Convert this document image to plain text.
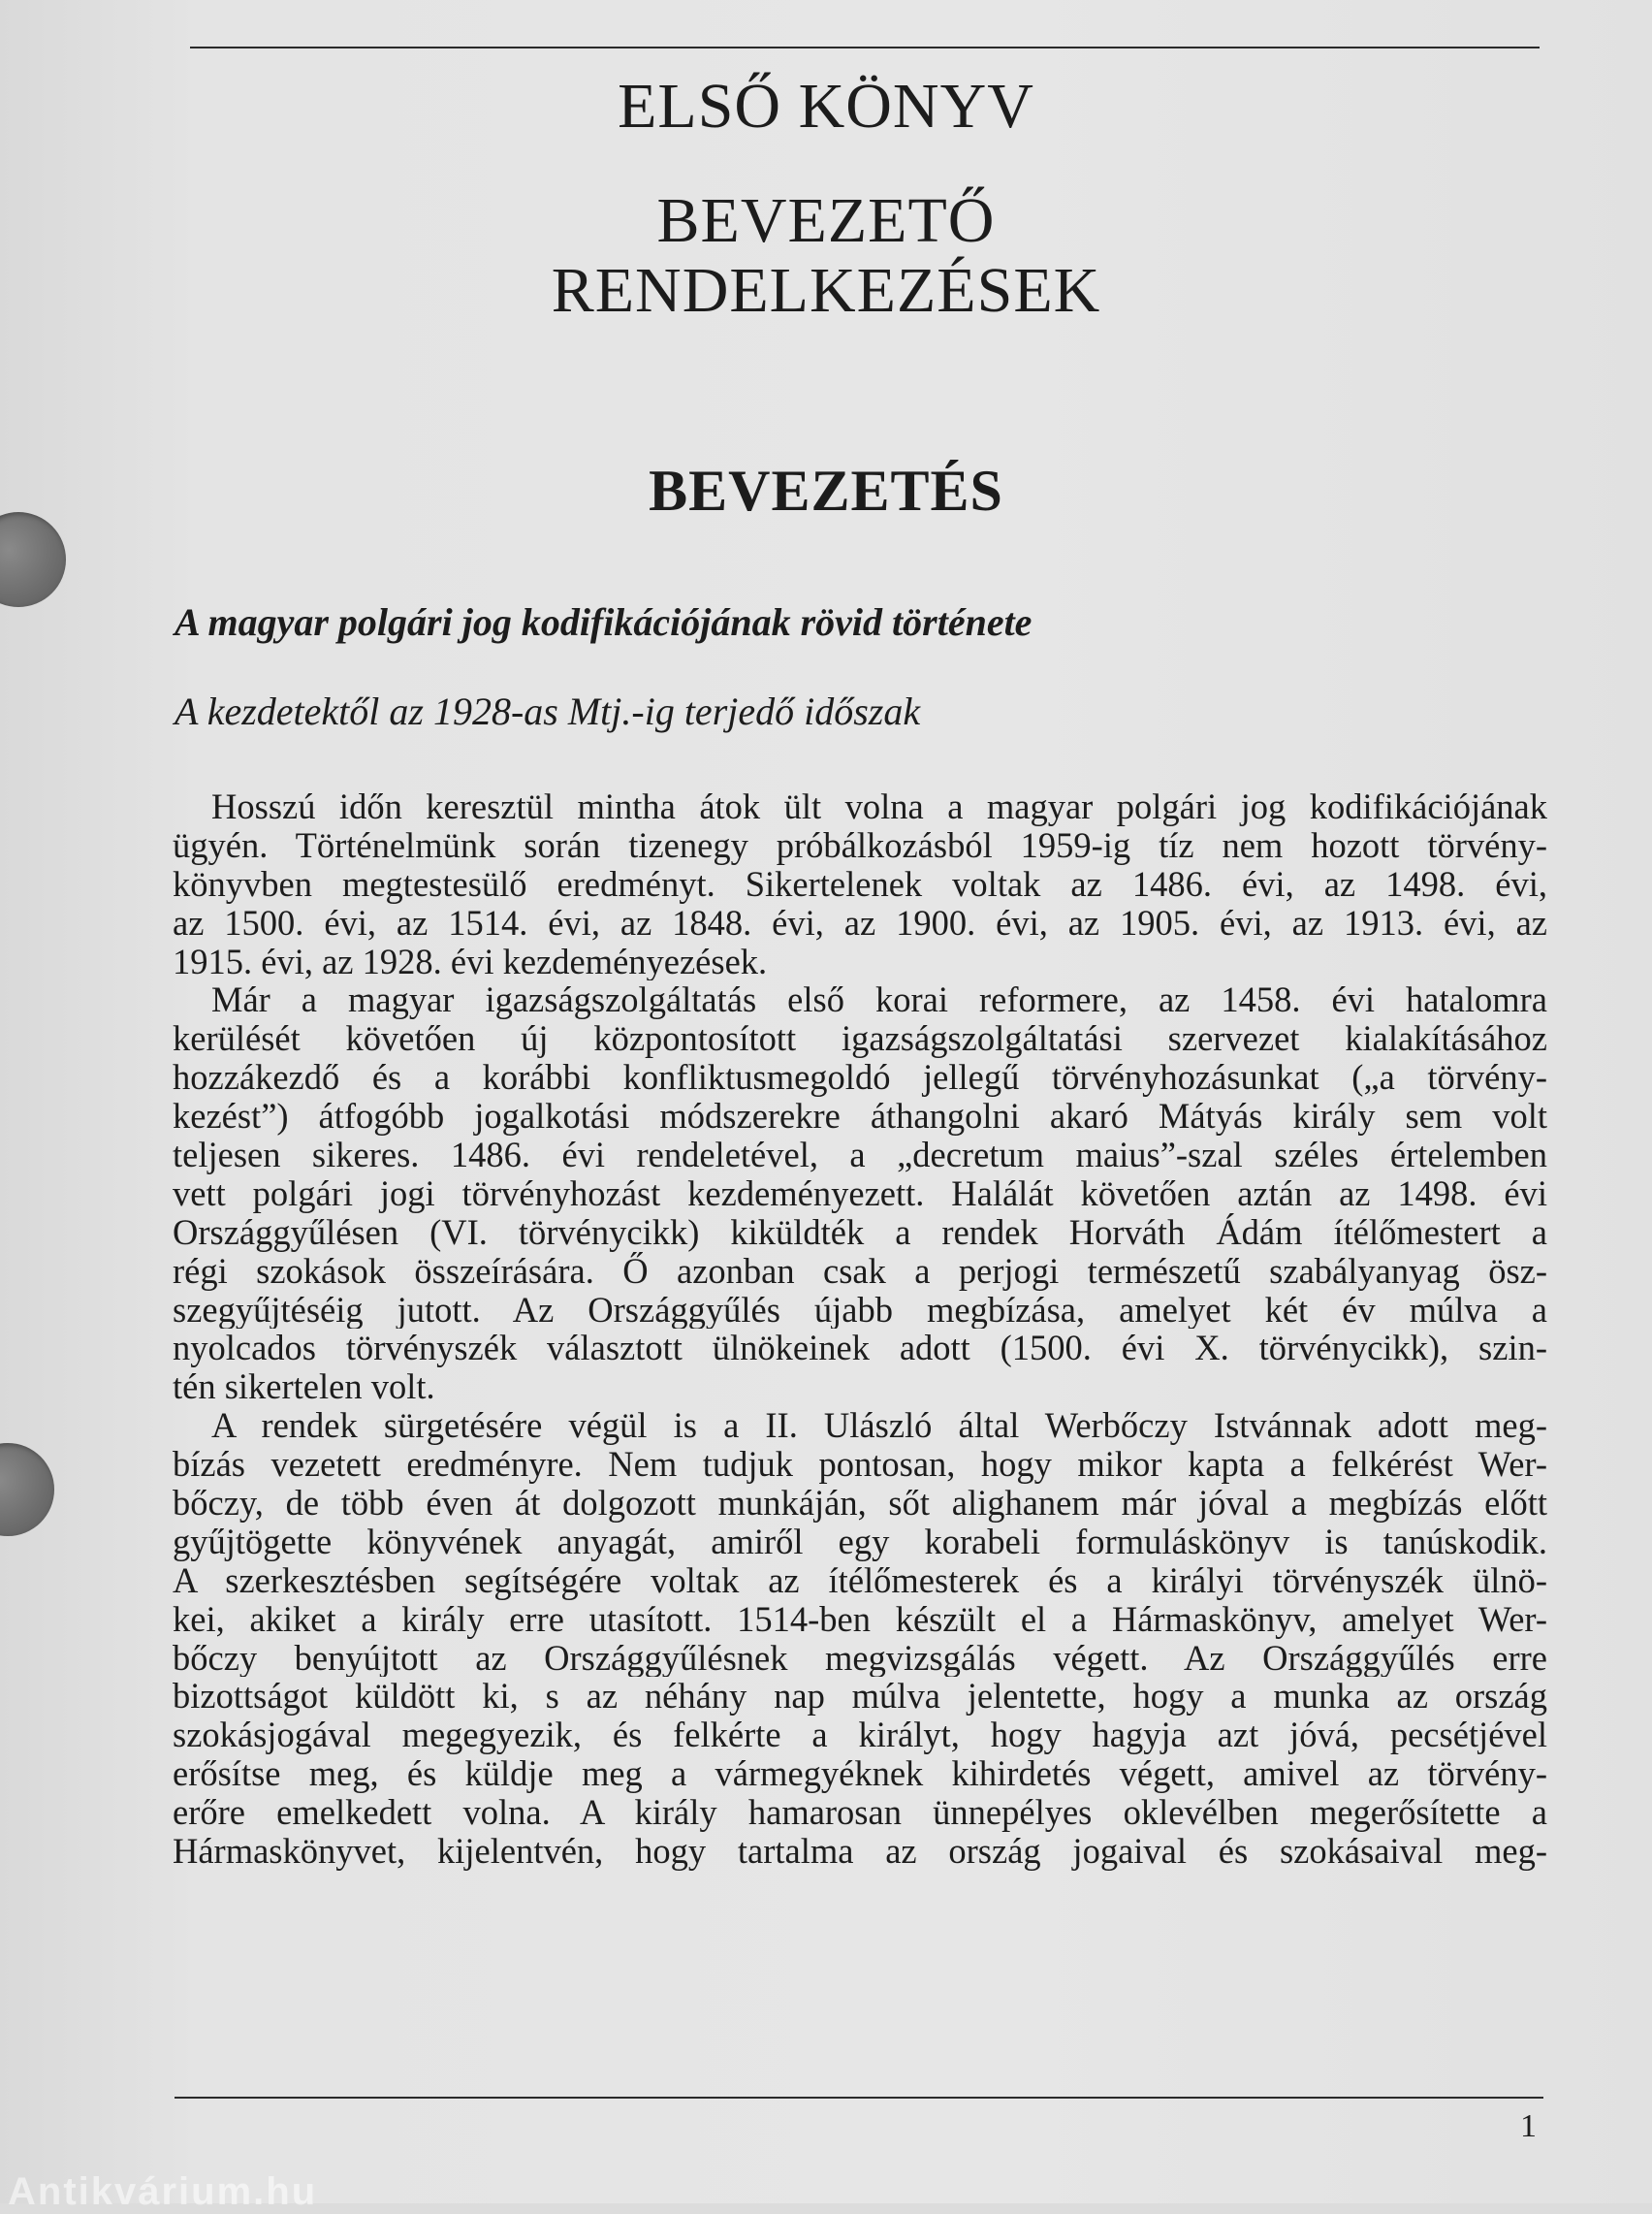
ELSŐ KÖNYV
BEVEZETŐ
RENDELKEZÉSEK
BEVEZETÉS
A magyar polgári jog kodifikációjának rövid története
A kezdetektől az 1928-as Mtj.-ig terjedő időszak
Hosszú időn keresztül mintha átok ült volna a magyar polgári jog kodifikációjának
ügyén. Történelmünk során tizenegy próbálkozásból 1959-ig tíz nem hozott törvény-
könyvben megtestesülő eredményt. Sikertelenek voltak az 1486. évi, az 1498. évi,
az 1500. évi, az 1514. évi, az 1848. évi, az 1900. évi, az 1905. évi, az 1913. évi, az
1915. évi, az 1928. évi kezdeményezések.
Már a magyar igazságszolgáltatás első korai reformere, az 1458. évi hatalomra
kerülését követően új központosított igazságszolgáltatási szervezet kialakításához
hozzákezdő és a korábbi konfliktusmegoldó jellegű törvényhozásunkat („a törvény-
kezést”) átfogóbb jogalkotási módszerekre áthangolni akaró Mátyás király sem volt
teljesen sikeres. 1486. évi rendeletével, a „decretum maius”-szal széles értelemben
vett polgári jogi törvényhozást kezdeményezett. Halálát követően aztán az 1498. évi
Országgyűlésen (VI. törvénycikk) kiküldték a rendek Horváth Ádám ítélőmestert a
régi szokások összeírására. Ő azonban csak a perjogi természetű szabályanyag ösz-
szegyűjtéséig jutott. Az Országgyűlés újabb megbízása, amelyet két év múlva a
nyolcados törvényszék választott ülnökeinek adott (1500. évi X. törvénycikk), szin-
tén sikertelen volt.
A rendek sürgetésére végül is a II. Ulászló által Werbőczy Istvánnak adott meg-
bízás vezetett eredményre. Nem tudjuk pontosan, hogy mikor kapta a felkérést Wer-
bőczy, de több éven át dolgozott munkáján, sőt alighanem már jóval a megbízás előtt
gyűjtögette könyvének anyagát, amiről egy korabeli formuláskönyv is tanúskodik.
A szerkesztésben segítségére voltak az ítélőmesterek és a királyi törvényszék ülnö-
kei, akiket a király erre utasított. 1514-ben készült el a Hármaskönyv, amelyet Wer-
bőczy benyújtott az Országgyűlésnek megvizsgálás végett. Az Országgyűlés erre
bizottságot küldött ki, s az néhány nap múlva jelentette, hogy a munka az ország
szokásjogával megegyezik, és felkérte a királyt, hogy hagyja azt jóvá, pecsétjével
erősítse meg, és küldje meg a vármegyéknek kihirdetés végett, amivel az törvény-
erőre emelkedett volna. A király hamarosan ünnepélyes oklevélben megerősítette a
Hármaskönyvet, kijelentvén, hogy tartalma az ország jogaival és szokásaival meg-

1

Antikvárium.hu
